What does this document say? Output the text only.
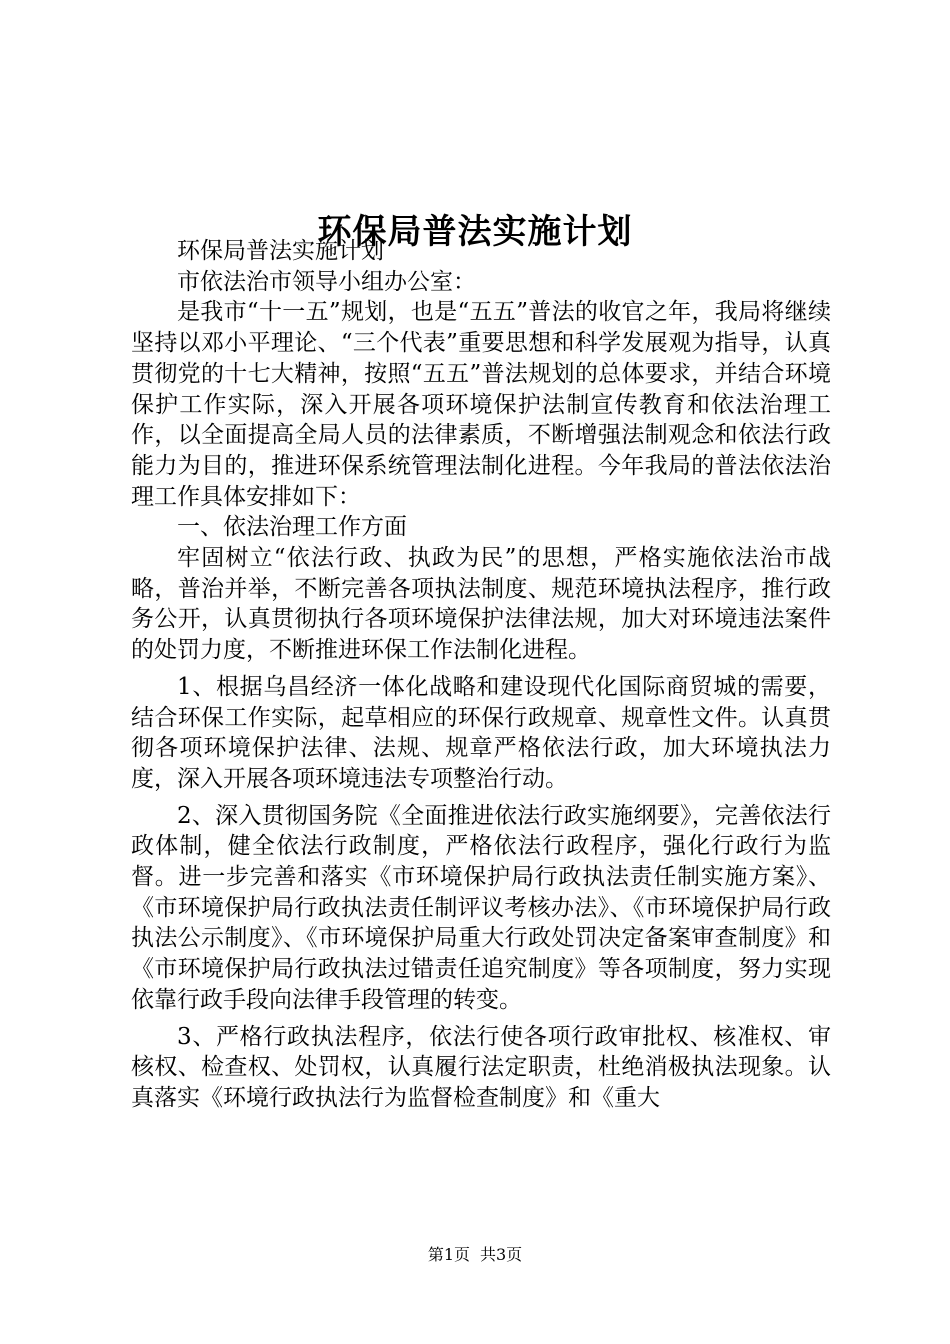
环保局普法实施计划

环保局普法实施计划

市依法治市领导小组办公室：

是我市“十一五”规划，也是“五五”普法的收官之年，我局将继续坚持以邓小平理论、“三个代表”重要思想和科学发展观为指导，认真贯彻党的十七大精神，按照“五五”普法规划的总体要求，并结合环境保护工作实际，深入开展各项环境保护法制宣传教育和依法治理工作，以全面提高全局人员的法律素质，不断增强法制观念和依法行政能力为目的，推进环保系统管理法制化进程。今年我局的普法依法治理工作具体安排如下：

一、依法治理工作方面

牢固树立“依法行政、执政为民”的思想，严格实施依法治市战略，普治并举，不断完善各项执法制度、规范环境执法程序，推行政务公开，认真贯彻执行各项环境保护法律法规，加大对环境违法案件的处罚力度，不断推进环保工作法制化进程。

1、根据乌昌经济一体化战略和建设现代化国际商贸城的需要，结合环保工作实际，起草相应的环保行政规章、规章性文件。认真贯彻各项环境保护法律、法规、规章严格依法行政，加大环境执法力度，深入开展各项环境违法专项整治行动。

2、深入贯彻国务院《全面推进依法行政实施纲要》，完善依法行政体制，健全依法行政制度，严格依法行政程序，强化行政行为监督。进一步完善和落实《市环境保护局行政执法责任制实施方案》、《市环境保护局行政执法责任制评议考核办法》、《市环境保护局行政执法公示制度》、《市环境保护局重大行政处罚决定备案审查制度》和《市环境保护局行政执法过错责任追究制度》等各项制度，努力实现依靠行政手段向法律手段管理的转变。

3、严格行政执法程序，依法行使各项行政审批权、核准权、审核权、检查权、处罚权，认真履行法定职责，杜绝消极执法现象。认真落实《环境行政执法行为监督检查制度》和《重大

第1页 共3页
